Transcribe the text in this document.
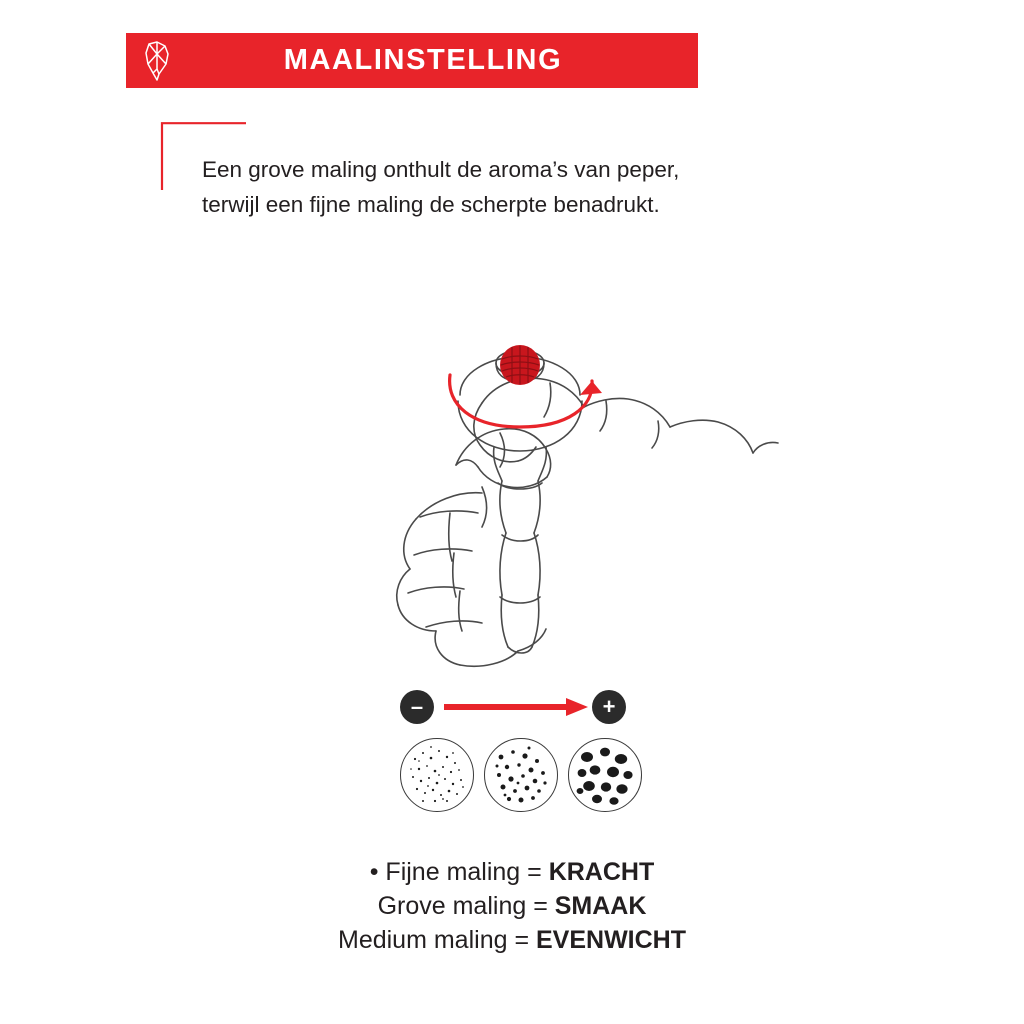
MAALINSTELLING
Een grove maling onthult de aroma’s van peper,
terwijl een fijne maling de scherpte benadrukt.
–	+
• Fijne maling = KRACHT
Grove maling = SMAAK
Medium maling = EVENWICHT
